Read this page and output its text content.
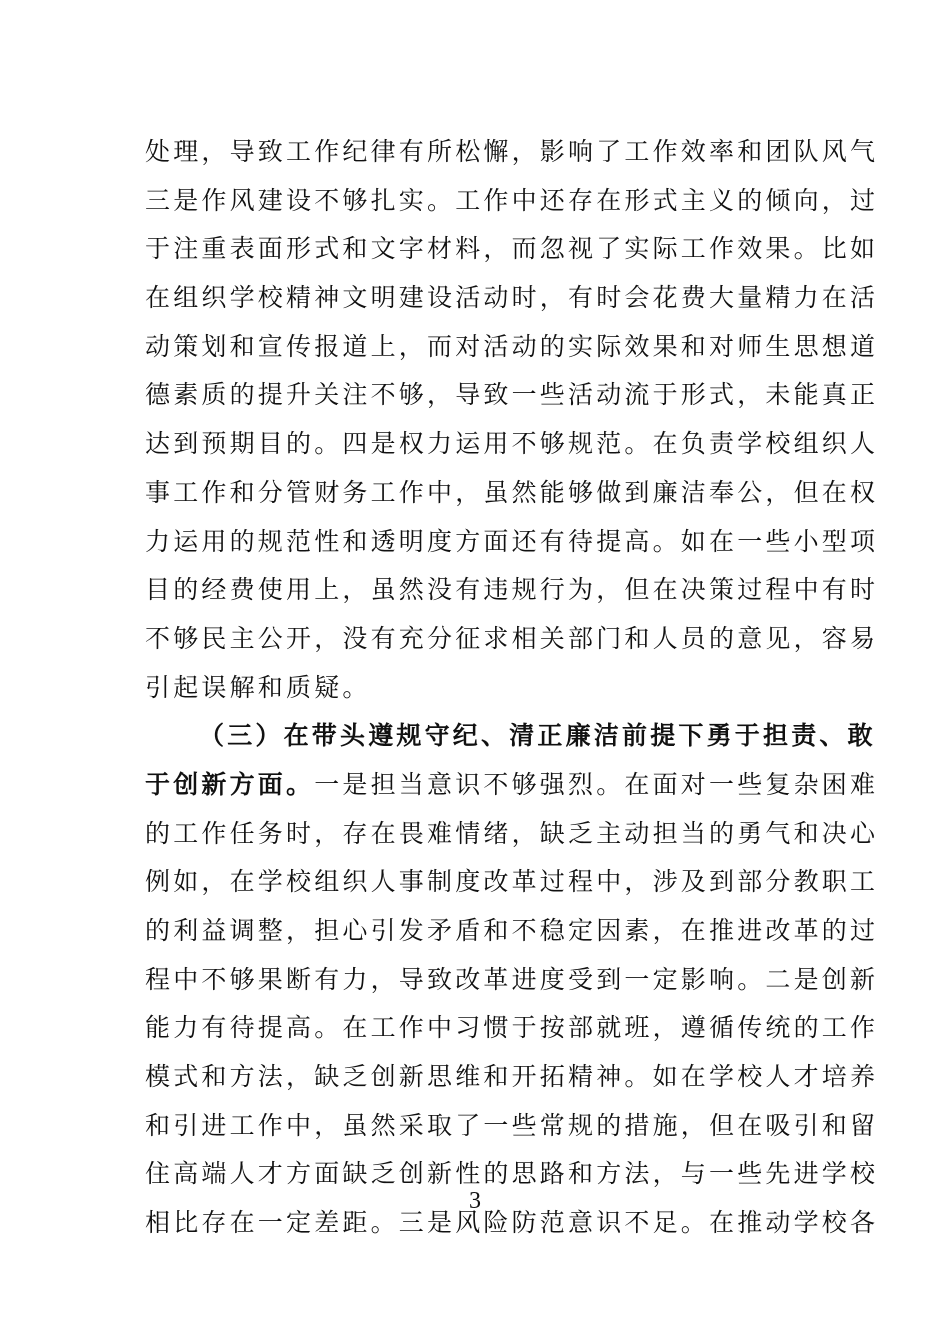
处理，导致工作纪律有所松懈，影响了工作效率和团队风气
三是作风建设不够扎实。工作中还存在形式主义的倾向，过
于注重表面形式和文字材料，而忽视了实际工作效果。比如
在组织学校精神文明建设活动时，有时会花费大量精力在活
动策划和宣传报道上，而对活动的实际效果和对师生思想道
德素质的提升关注不够，导致一些活动流于形式，未能真正
达到预期目的。四是权力运用不够规范。在负责学校组织人
事工作和分管财务工作中，虽然能够做到廉洁奉公，但在权
力运用的规范性和透明度方面还有待提高。如在一些小型项
目的经费使用上，虽然没有违规行为，但在决策过程中有时
不够民主公开，没有充分征求相关部门和人员的意见，容易
引起误解和质疑。
（三）在带头遵规守纪、清正廉洁前提下勇于担责、敢
于创新方面。一是担当意识不够强烈。在面对一些复杂困难
的工作任务时，存在畏难情绪，缺乏主动担当的勇气和决心
例如，在学校组织人事制度改革过程中，涉及到部分教职工
的利益调整，担心引发矛盾和不稳定因素，在推进改革的过
程中不够果断有力，导致改革进度受到一定影响。二是创新
能力有待提高。在工作中习惯于按部就班，遵循传统的工作
模式和方法，缺乏创新思维和开拓精神。如在学校人才培养
和引进工作中，虽然采取了一些常规的措施，但在吸引和留
住高端人才方面缺乏创新性的思路和方法，与一些先进学校
相比存在一定差距。三是风险防范意识不足。在推动学校各
3
